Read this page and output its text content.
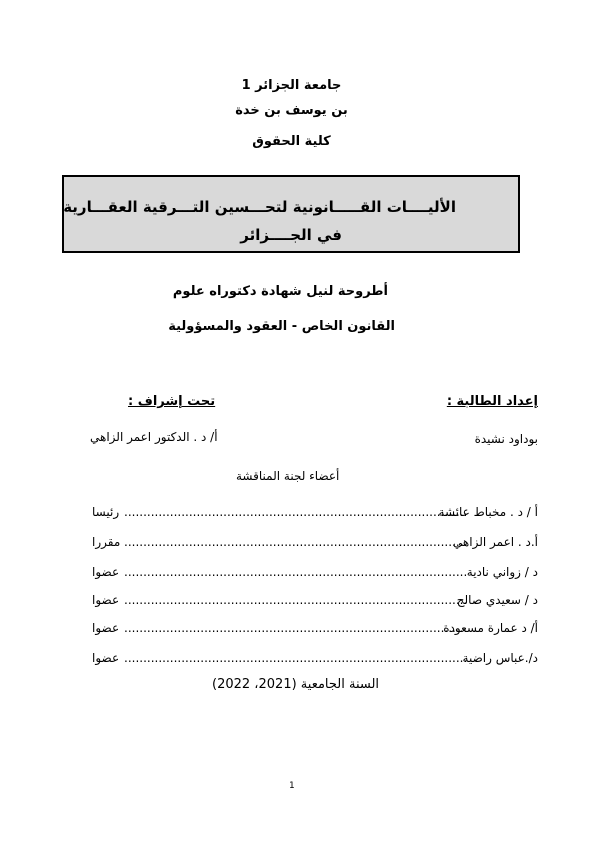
جامعة الجزائر 1
بن يوسف بن خدة
كلية الحقوق
الأليــــات القـــــانونية لتحـــسين التـــرقية العقـــارية
في الجــــزائر
أطروحة لنيل شهادة دكتوراه علوم
القانون الخاص - العقود والمسؤولية
إعداد الطالبة :
تحت إشراف :
بوداود نشيدة
أ/ د . الدكتور اعمر الزاهي
أعضاء لجنة المناقشة
أ / د . مخباط عائشة
..........................................................................................
رئيسا
أ.د . اعمر الزاهي
..........................................................................................
مقررا
د / زواني نادية
..........................................................................................
عضوا
د / سعيدي صالح
..........................................................................................
عضوا
أ/ د عمارة مسعودة
..........................................................................................
عضوا
د/.عباس راضية
..........................................................................................
عضوا
السنة الجامعية (2021، 2022)
1
